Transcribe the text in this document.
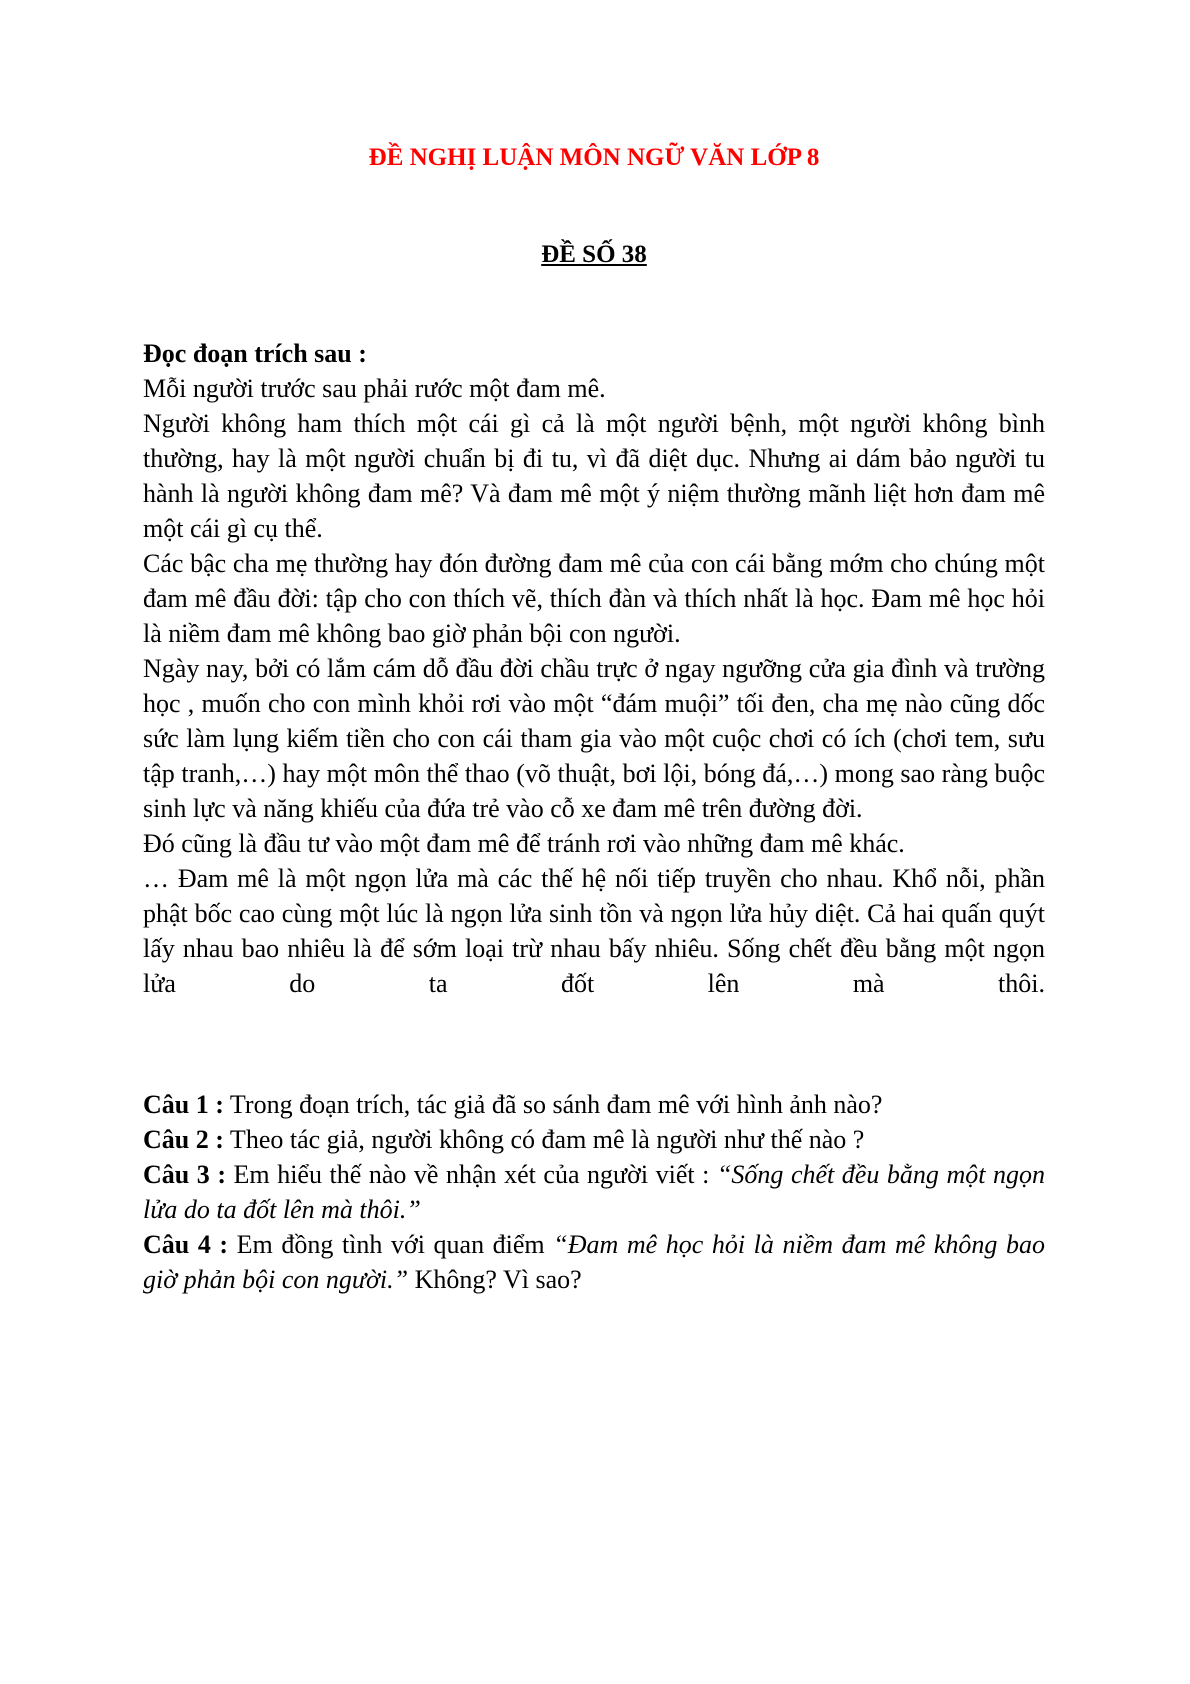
ĐỀ NGHỊ LUẬN MÔN NGỮ VĂN LỚP 8
ĐỀ SỐ 38

Đọc đoạn trích sau :

Mỗi người trước sau phải rước một đam mê.

Người không ham thích một cái gì cả là một người bệnh, một người không bình thường, hay là một người chuẩn bị đi tu, vì đã diệt dục. Nhưng ai dám bảo người tu hành là người không đam mê? Và đam mê một ý niệm thường mãnh liệt hơn đam mê một cái gì cụ thể.

Các bậc cha mẹ thường hay đón đường đam mê của con cái bằng mớm cho chúng một đam mê đầu đời: tập cho con thích vẽ, thích đàn và thích nhất là học. Đam mê học hỏi là niềm đam mê không bao giờ phản bội con người.

Ngày nay, bởi có lắm cám dỗ đầu đời chầu trực ở ngay ngưỡng cửa gia đình và trường học , muốn cho con mình khỏi rơi vào một “đám muội” tối đen, cha mẹ nào cũng dốc sức làm lụng kiếm tiền cho con cái tham gia vào một cuộc chơi có ích (chơi tem, sưu tập tranh,…) hay một môn thể thao (võ thuật, bơi lội, bóng đá,…) mong sao ràng buộc sinh lực và năng khiếu của đứa trẻ vào cỗ xe đam mê trên đường đời.

Đó cũng là đầu tư vào một đam mê để tránh rơi vào những đam mê khác.

… Đam mê là một ngọn lửa mà các thế hệ nối tiếp truyền cho nhau. Khổ nỗi, phần phật bốc cao cùng một lúc là ngọn lửa sinh tồn và ngọn lửa hủy diệt. Cả hai quấn quýt lấy nhau bao nhiêu là để sớm loại trừ nhau bấy nhiêu. Sống chết đều bằng một ngọn lửa do ta đốt lên mà thôi.

Câu 1 : Trong đoạn trích, tác giả đã so sánh đam mê với hình ảnh nào?

Câu 2 : Theo tác giả, người không có đam mê là người như thế nào ?

Câu 3 : Em hiểu thế nào về nhận xét của người viết : “Sống chết đều bằng một ngọn lửa do ta đốt lên mà thôi.”

Câu 4 : Em đồng tình với quan điểm “Đam mê học hỏi là niềm đam mê không bao giờ phản bội con người.” Không? Vì sao?
